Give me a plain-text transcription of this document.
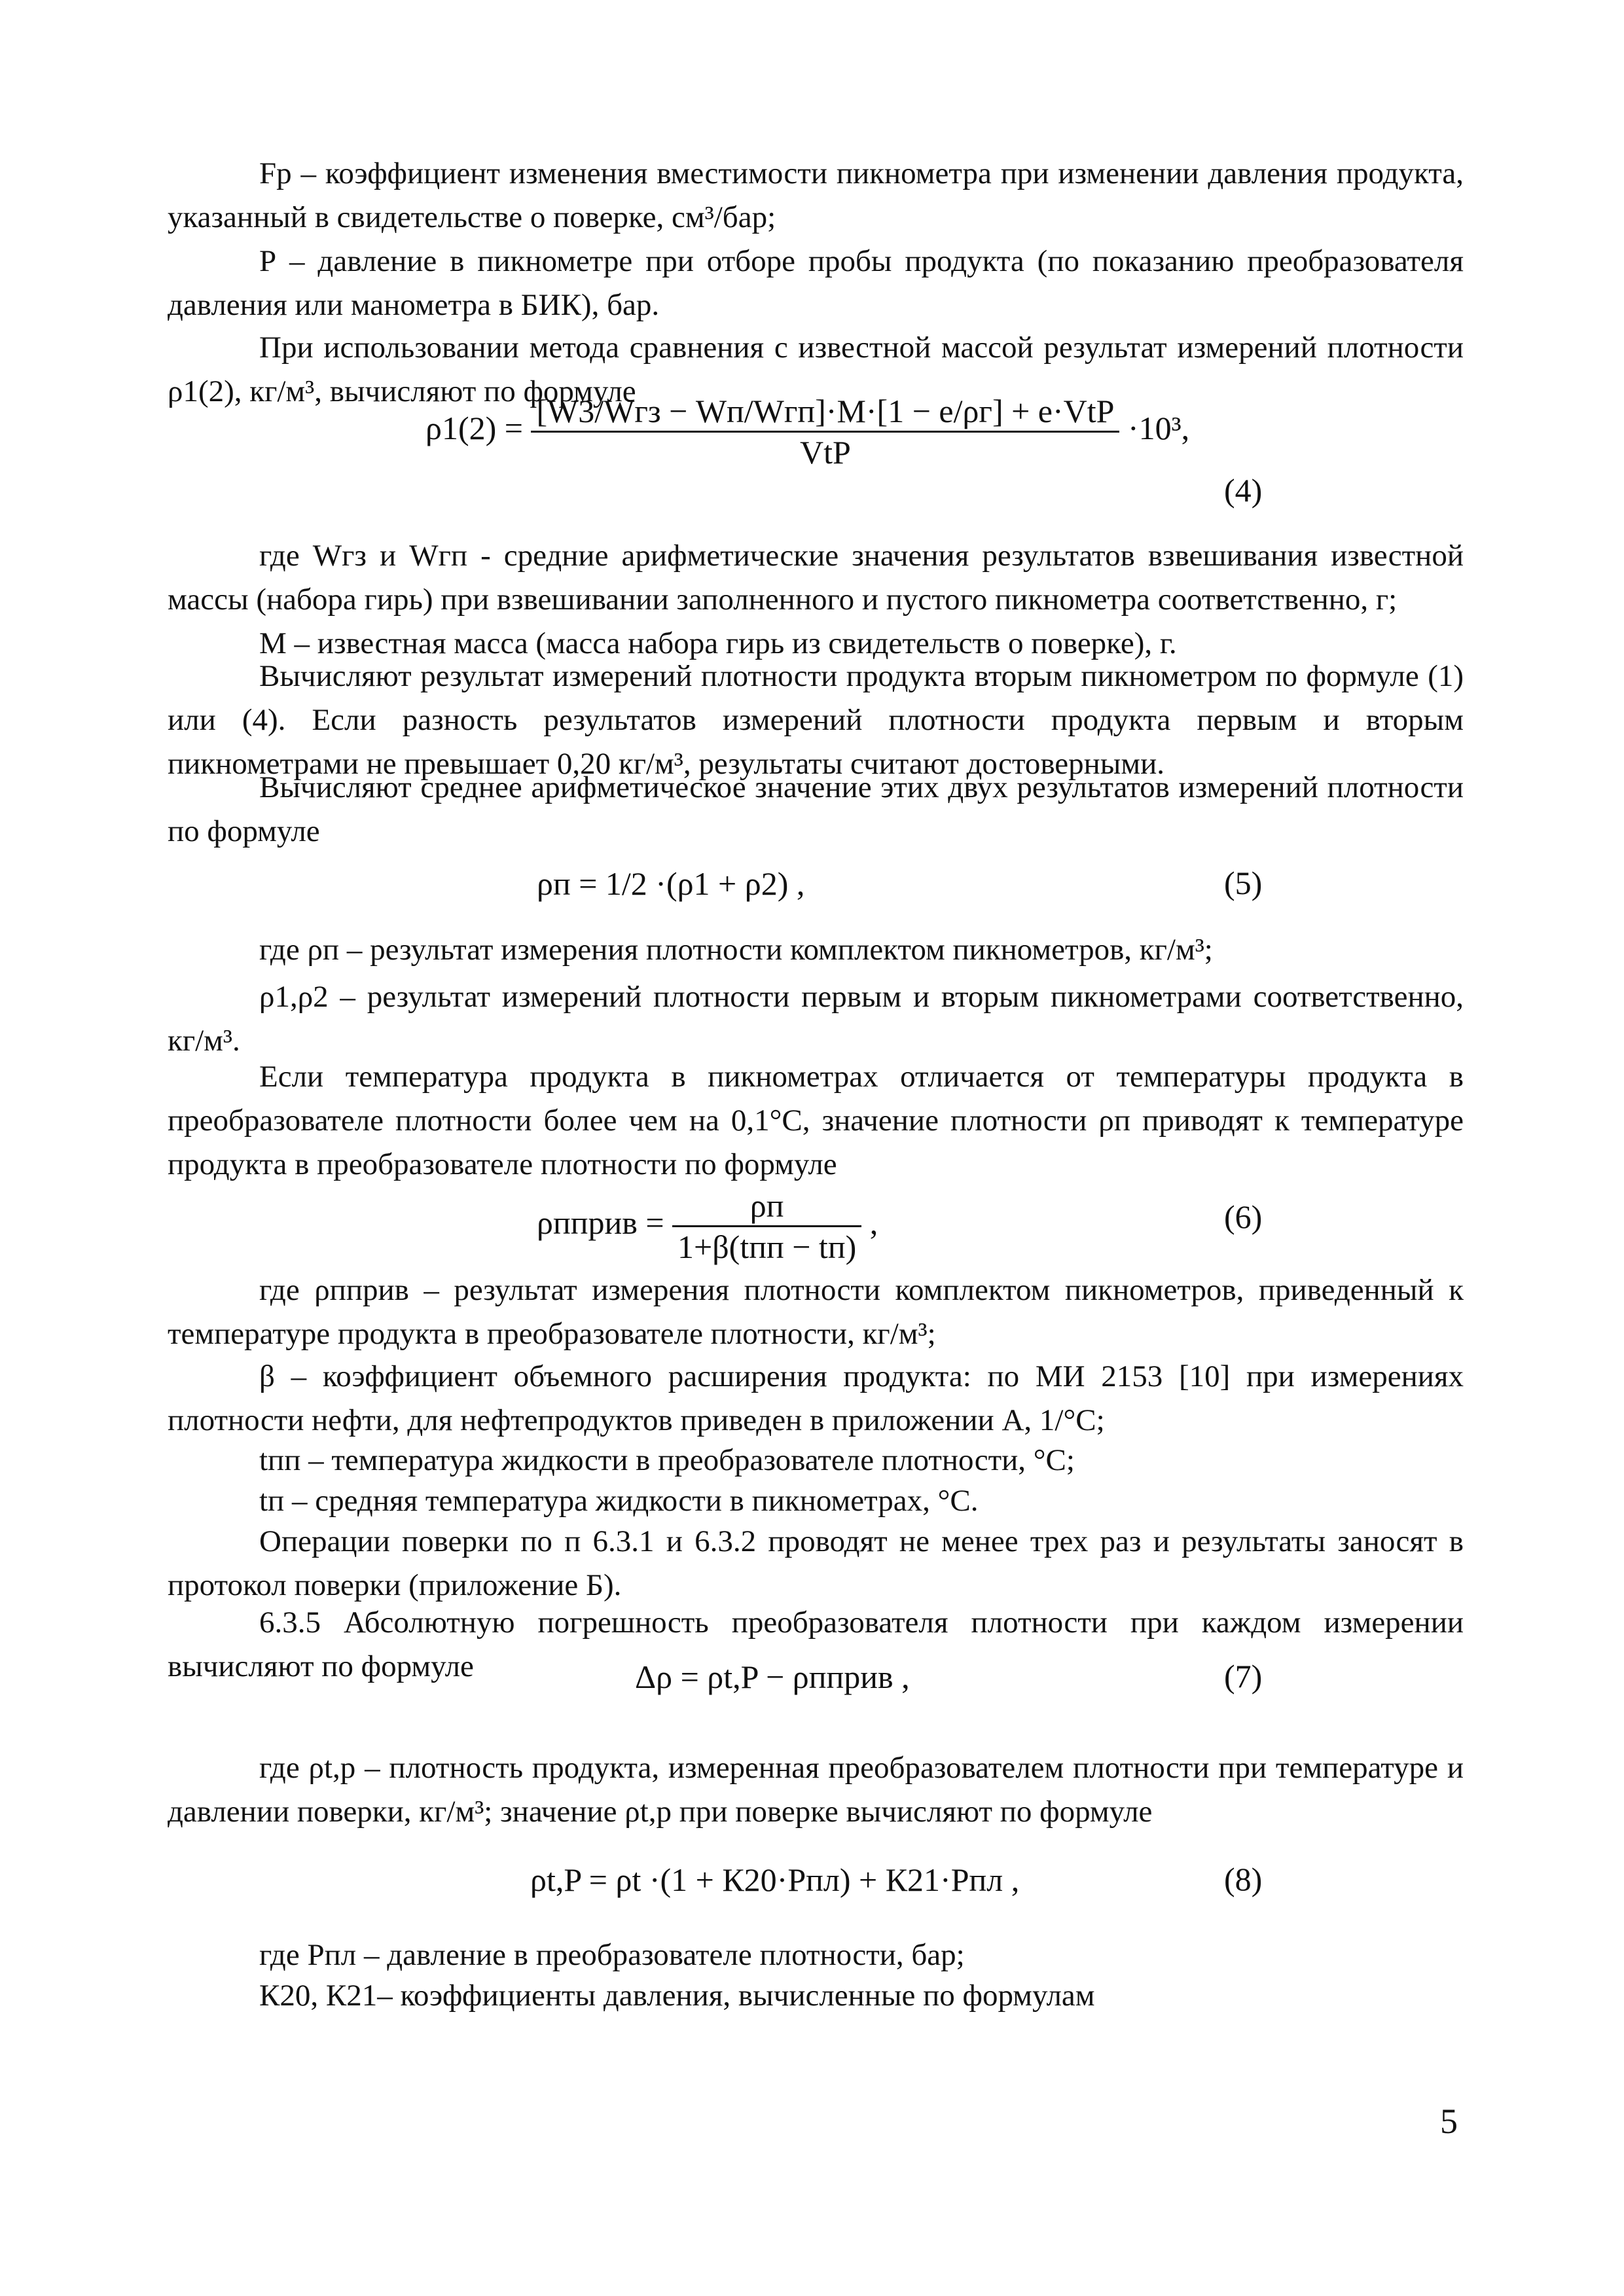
Fр – коэффициент изменения вместимости пикнометра при изменении давления продукта, указанный в свидетельстве о поверке, см³/бар;

Р – давление в пикнометре при отборе пробы продукта (по показанию преобразователя давления или манометра в БИК), бар.

При использовании метода сравнения с известной массой результат измерений плотности ρ1(2), кг/м³, вычисляют по формуле

$\rho 1(2) = \frac{\text{[W3/Wгз − Wп/Wгп]·M·[1 − e/ρг] + e·VtP}}{\text{VtP}} \cdot 10^3$,
(4)

где Wгз и Wгп - средние арифметические значения результатов взвешивания известной массы (набора гирь) при взвешивании заполненного и пустого пикнометра соответственно, г;

М – известная масса (масса набора гирь из свидетельств о поверке), г.

Вычисляют результат измерений плотности продукта вторым пикнометром по формуле (1) или (4). Если разность результатов измерений плотности продукта первым и вторым пикнометрами не превышает 0,20 кг/м³, результаты считают достоверными.

Вычисляют среднее арифметическое значение этих двух результатов измерений плотности по формуле

ρп = 1/2 ·(ρ1 + ρ2) ,	(5)

где ρп – результат измерения плотности комплектом пикнометров, кг/м³;

ρ1,ρ2 – результат измерений плотности первым и вторым пикнометрами соответственно, кг/м³.

Если температура продукта в пикнометрах отличается от температуры продукта в преобразователе плотности более чем на 0,1°С, значение плотности ρп приводят к температуре продукта в преобразователе плотности по формуле

ρпприв = $\frac{\rho п}{\text{1+β(tпп − tп)}}$ ,	(6)

где ρпприв – результат измерения плотности комплектом пикнометров, приведенный к температуре продукта в преобразователе плотности, кг/м³;

β – коэффициент объемного расширения продукта: по МИ 2153 [10] при измерениях плотности нефти, для нефтепродуктов приведен в приложении А, 1/°С;

tпп – температура жидкости в преобразователе плотности, °С;

tп – средняя температура жидкости в пикнометрах, °С.

Операции поверки по п 6.3.1 и 6.3.2 проводят не менее трех раз и результаты заносят в протокол поверки (приложение Б).

6.3.5 Абсолютную погрешность преобразователя плотности при каждом измерении вычисляют по формуле	Δρ = ρt,P − ρпприв ,	(7)

где ρt,p – плотность продукта, измеренная преобразователем плотности при температуре и давлении поверки, кг/м³; значение ρt,p при поверке вычисляют по формуле

ρt,P = ρt ·(1 + К20·Pпл) + К21·Pпл ,	(8)

где Рпл – давление в преобразователе плотности, бар;

К20, К21– коэффициенты давления, вычисленные по формулам

5
